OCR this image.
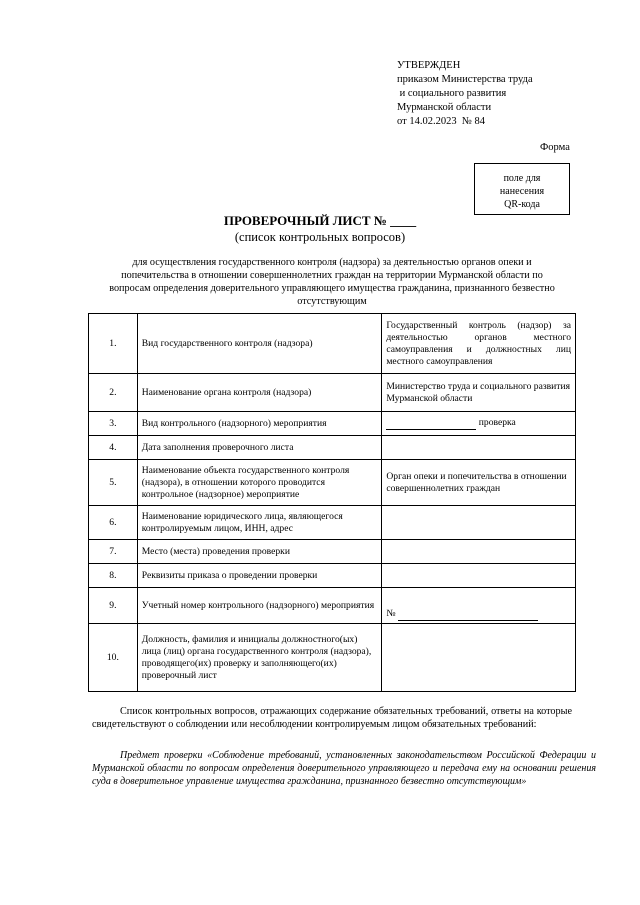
УТВЕРЖДЕН
приказом Министерства труда
и социального развития
Мурманской области
от 14.02.2023  № 84
Форма
поле для
нанесения
QR-кода
ПРОВЕРОЧНЫЙ ЛИСТ № ____
(список контрольных вопросов)
для осуществления государственного контроля (надзора) за деятельностью органов опеки и попечительства в отношении совершеннолетних граждан на территории Мурманской области по вопросам определения доверительного управляющего имущества гражданина, признанного безвестно отсутствующим
1.	Вид государственного контроля (надзора)	Государственный контроль (надзор) за деятельностью органов местного самоуправления и должностных лиц местного самоуправления
2.	Наименование органа контроля (надзора)	Министерство труда и социального развития Мурманской области
3.	Вид контрольного (надзорного) мероприятия	проверка
4.	Дата заполнения проверочного листа	
5.	Наименование объекта государственного контроля (надзора), в отношении которого проводится контрольное (надзорное) мероприятие	Орган опеки и попечительства в отношении совершеннолетних граждан
6.	Наименование юридического лица, являющегося контролируемым лицом, ИНН, адрес	
7.	Место (места) проведения проверки	
8.	Реквизиты приказа о проведении проверки	
9.	Учетный номер контрольного (надзорного) мероприятия	№
10.	Должность, фамилия и инициалы должностного(ых) лица (лиц) органа государственного контроля (надзора), проводящего(их) проверку и заполняющего(их) проверочный лист	
Список контрольных вопросов, отражающих содержание обязательных требований, ответы на которые свидетельствуют о соблюдении или несоблюдении контролируемым лицом обязательных требований:
Предмет проверки «Соблюдение требований, установленных законодательством Российской Федерации и Мурманской области по вопросам определения доверительного управляющего и передача ему на основании решения суда в доверительное управление имущества гражданина, признанного безвестно отсутствующим»
